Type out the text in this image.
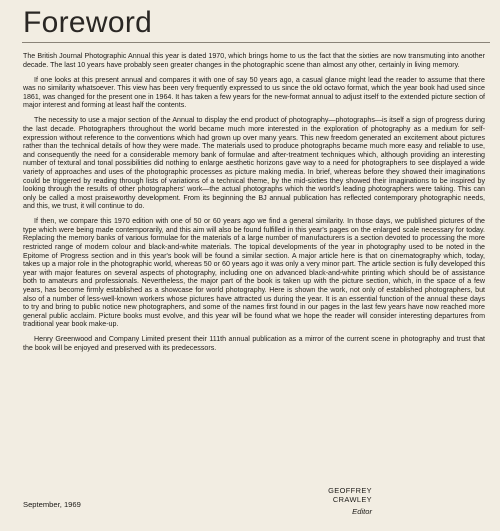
Foreword

The British Journal Photographic Annual this year is dated 1970, which brings home to us the fact that the sixties are now transmuting into another decade. The last 10 years have probably seen greater changes in the photographic scene than almost any other, certainly in living memory.

If one looks at this present annual and compares it with one of say 50 years ago, a casual glance might lead the reader to assume that there was no similarity whatsoever. This view has been very frequently expressed to us since the old octavo format, which the year book had used since 1861, was changed for the present one in 1964. It has taken a few years for the new-format annual to adjust itself to the extended picture section of major interest and forming at least half the contents.

The necessity to use a major section of the Annual to display the end product of photography—photographs—is itself a sign of progress during the last decade. Photographers throughout the world became much more interested in the exploration of photography as a medium for self-expression without reference to the conventions which had grown up over many years. This new freedom generated an excitement about pictures rather than the technical details of how they were made. The materials used to produce photographs became much more easy and reliable to use, and consequently the need for a considerable memory bank of formulae and after-treatment techniques which, although providing an interesting number of textural and tonal possibilities did nothing to enlarge aesthetic horizons gave way to a need for photographers to see displayed a wide variety of approaches and uses of the photographic processes as picture making media. In brief, whereas before they showed their imaginations could be triggered by reading through lists of variations of a technical theme, by the mid-sixties they showed their imaginations to be inspired by looking through the results of other photographers' work—the actual photographs which the world's leading photographers were taking. This can only be called a most praiseworthy development. From its beginning the BJ annual publication has reflected contemporary photographic needs, and this, we trust, it will continue to do.

If then, we compare this 1970 edition with one of 50 or 60 years ago we find a general similarity. In those days, we published pictures of the type which were being made contemporarily, and this aim will also be found fulfilled in this year's pages on the enlarged scale necessary for today. Replacing the memory banks of various formulae for the materials of a large number of manufacturers is a section devoted to processing the more restricted range of modern colour and black-and-white materials. The topical developments of the year in photography used to be noted in the Epitome of Progress section and in this year's book will be found a similar section. A major article here is that on cinematography which, today, takes up a major role in the photographic world, whereas 50 or 60 years ago it was only a very minor part. The article section is fully developed this year with major features on several aspects of photography, including one on advanced black-and-white printing which should be of assistance both to amateurs and professionals. Nevertheless, the major part of the book is taken up with the picture section, which, in the space of a few years, has become firmly established as a showcase for world photography. Here is shown the work, not only of established photographers, but also of a number of less-well-known workers whose pictures have attracted us during the year. It is an essential function of the annual these days to try and bring to public notice new photographers, and some of the names first found in our pages in the last few years have now reached more general public acclaim. Picture books must evolve, and this year will be found what we hope the reader will consider interesting departures from traditional year book make-up.

Henry Greenwood and Company Limited present their 111th annual publication as a mirror of the current scene in photography and trust that the book will be enjoyed and preserved with its predecessors.

September, 1969
GEOFFREY CRAWLEY
Editor
